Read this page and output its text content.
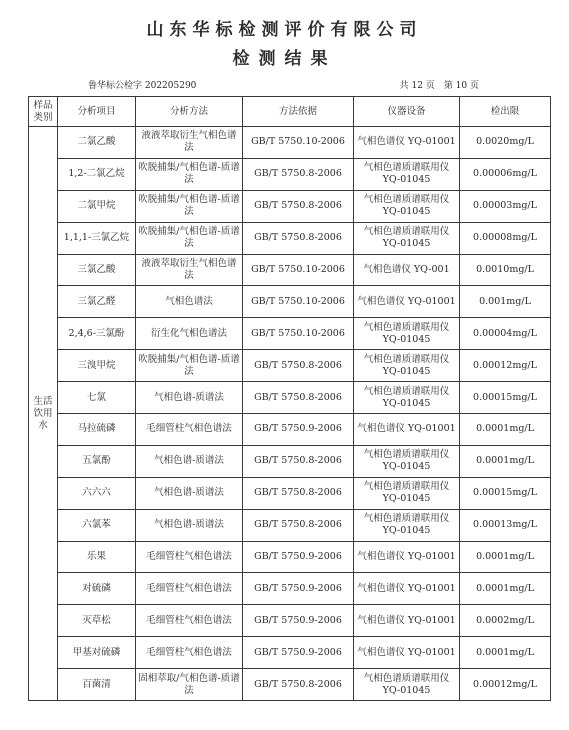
山东华标检测评价有限公司
检测结果
鲁华标公检字 202205290	共 12 页　第 10 页
样品类别	分析项目	分析方法	方法依据	仪器设备	检出限
生活饮用水	二氯乙酸	液液萃取衍生气相色谱法	GB/T 5750.10-2006	气相色谱仪 YQ-01001	0.0020mg/L
	1,2-二氯乙烷	吹脱捕集/气相色谱-质谱法	GB/T 5750.8-2006	气相色谱质谱联用仪 YQ-01045	0.00006mg/L
	二氯甲烷	吹脱捕集/气相色谱-质谱法	GB/T 5750.8-2006	气相色谱质谱联用仪 YQ-01045	0.00003mg/L
	1,1,1-三氯乙烷	吹脱捕集/气相色谱-质谱法	GB/T 5750.8-2006	气相色谱质谱联用仪 YQ-01045	0.00008mg/L
	三氯乙酸	液液萃取衍生气相色谱法	GB/T 5750.10-2006	气相色谱仪 YQ-001	0.0010mg/L
	三氯乙醛	气相色谱法	GB/T 5750.10-2006	气相色谱仪 YQ-01001	0.001mg/L
	2,4,6-三氯酚	衍生化气相色谱法	GB/T 5750.10-2006	气相色谱质谱联用仪 YQ-01045	0.00004mg/L
	三溴甲烷	吹脱捕集/气相色谱-质谱法	GB/T 5750.8-2006	气相色谱质谱联用仪 YQ-01045	0.00012mg/L
	七氯	气相色谱-质谱法	GB/T 5750.8-2006	气相色谱质谱联用仪 YQ-01045	0.00015mg/L
	马拉硫磷	毛细管柱气相色谱法	GB/T 5750.9-2006	气相色谱仪 YQ-01001	0.0001mg/L
	五氯酚	气相色谱-质谱法	GB/T 5750.8-2006	气相色谱质谱联用仪 YQ-01045	0.0001mg/L
	六六六	气相色谱-质谱法	GB/T 5750.8-2006	气相色谱质谱联用仪 YQ-01045	0.00015mg/L
	六氯苯	气相色谱-质谱法	GB/T 5750.8-2006	气相色谱质谱联用仪 YQ-01045	0.00013mg/L
	乐果	毛细管柱气相色谱法	GB/T 5750.9-2006	气相色谱仪 YQ-01001	0.0001mg/L
	对硫磷	毛细管柱气相色谱法	GB/T 5750.9-2006	气相色谱仪 YQ-01001	0.0001mg/L
	灭草松	毛细管柱气相色谱法	GB/T 5750.9-2006	气相色谱仪 YQ-01001	0.0002mg/L
	甲基对硫磷	毛细管柱气相色谱法	GB/T 5750.9-2006	气相色谱仪 YQ-01001	0.0001mg/L
	百菌清	固相萃取/气相色谱-质谱法	GB/T 5750.8-2006	气相色谱质谱联用仪 YQ-01045	0.00012mg/L
